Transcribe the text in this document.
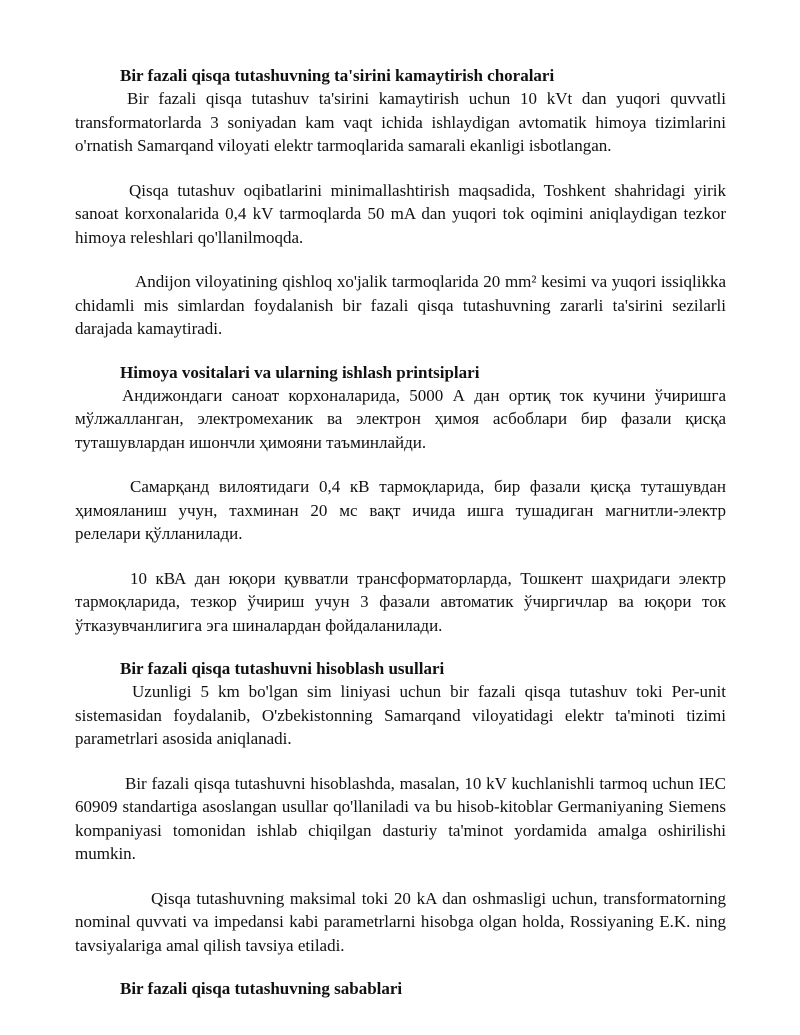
Bir fazali qisqa tutashuvning ta'sirini kamaytirish choralari

Bir fazali qisqa tutashuv ta'sirini kamaytirish uchun 10 kVt dan yuqori quvvatli transformatorlarda 3 soniyadan kam vaqt ichida ishlaydigan avtomatik himoya tizimlarini o'rnatish Samarqand viloyati elektr tarmoqlarida samarali ekanligi isbotlangan.

Qisqa tutashuv oqibatlarini minimallashtirish maqsadida, Toshkent shahridagi yirik sanoat korxonalarida 0,4 kV tarmoqlarda 50 mA dan yuqori tok oqimini aniqlaydigan tezkor himoya releshlari qo'llanilmoqda.

Andijon viloyatining qishloq xo'jalik tarmoqlarida 20 mm² kesimi va yuqori issiqlikka chidamli mis simlardan foydalanish bir fazali qisqa tutashuvning zararli ta'sirini sezilarli darajada kamaytiradi.

Himoya vositalari va ularning ishlash printsiplari

Андижондаги саноат корхоналарида, 5000 А дан ортиқ ток кучини ўчиришга мўлжалланган, электромеханик ва электрон ҳимоя асбоблари бир фазали қисқа туташувлардан ишончли ҳимояни таъминлайди.

Самарқанд вилоятидаги 0,4 кВ тармоқларида, бир фазали қисқа туташувдан ҳимояланиш учун, тахминан 20 мс вақт ичида ишга тушадиган магнитли-электр релелари қўлланилади.

10 кВА дан юқори қувватли трансформаторларда, Тошкент шаҳридаги электр тармоқларида, тезкор ўчириш учун 3 фазали автоматик ўчиргичлар ва юқори ток ўтказувчанлигига эга шиналардан фойдаланилади.

Bir fazali qisqa tutashuvni hisoblash usullari

Uzunligi 5 km bo'lgan sim liniyasi uchun bir fazali qisqa tutashuv toki Per-unit sistemasidan foydalanib, O'zbekistonning Samarqand viloyatidagi elektr ta'minoti tizimi parametrlari asosida aniqlanadi.

Bir fazali qisqa tutashuvni hisoblashda, masalan, 10 kV kuchlanishli tarmoq uchun IEC 60909 standartiga asoslangan usullar qo'llaniladi va bu hisob-kitoblar Germaniyaning Siemens kompaniyasi tomonidan ishlab chiqilgan dasturiy ta'minot yordamida amalga oshirilishi mumkin.

Qisqa tutashuvning maksimal toki 20 kA dan oshmasligi uchun, transformatorning nominal quvvati va impedansi kabi parametrlarni hisobga olgan holda, Rossiyaning E.K. ning tavsiyalariga amal qilish tavsiya etiladi.

Bir fazali qisqa tutashuvning sabablari
